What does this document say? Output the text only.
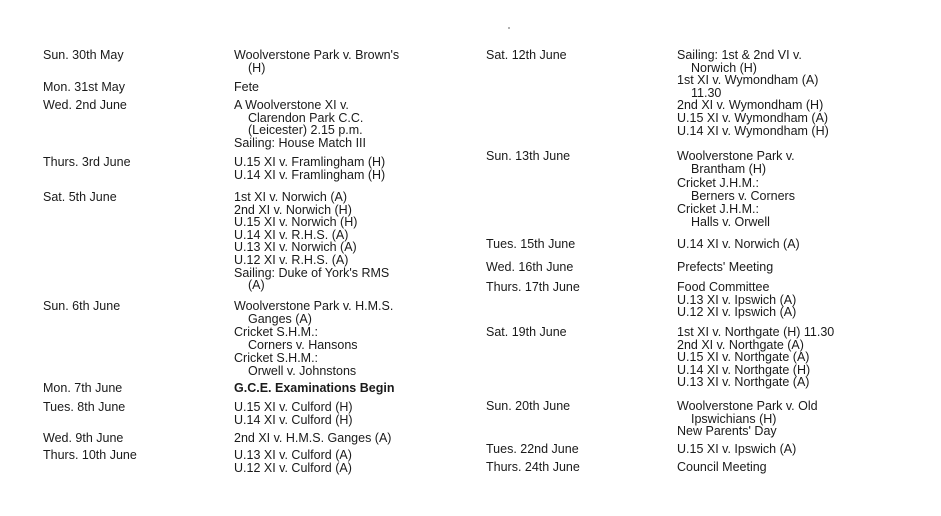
Sun. 30th May	Woolverstone Park v. Brown's
(H)
Mon. 31st May	Fete
Wed. 2nd June	A Woolverstone XI v.
Clarendon Park C.C.
(Leicester) 2.15 p.m.
Sailing: House Match III
Thurs. 3rd June	U.15 XI v. Framlingham (H)
U.14 XI v. Framlingham (H)
Sat. 5th June	1st XI v. Norwich (A)
2nd XI v. Norwich (H)
U.15 XI v. Norwich (H)
U.14 XI v. R.H.S. (A)
U.13 XI v. Norwich (A)
U.12 XI v. R.H.S. (A)
Sailing: Duke of York's RMS
(A)
Sun. 6th June	Woolverstone Park v. H.M.S.
Ganges (A)
Cricket S.H.M.:
Corners v. Hansons
Cricket S.H.M.:
Orwell v. Johnstons
Mon. 7th June	G.C.E. Examinations Begin
Tues. 8th June	U.15 XI v. Culford (H)
U.14 XI v. Culford (H)
Wed. 9th June	2nd XI v. H.M.S. Ganges (A)
Thurs. 10th June	U.13 XI v. Culford (A)
U.12 XI v. Culford (A)
Sat. 12th June	Sailing: 1st & 2nd VI v.
Norwich (H)
1st XI v. Wymondham (A)
11.30
2nd XI v. Wymondham (H)
U.15 XI v. Wymondham (A)
U.14 XI v. Wymondham (H)
Sun. 13th June	Woolverstone Park v.
Brantham (H)
Cricket J.H.M.:
Berners v. Corners
Cricket J.H.M.:
Halls v. Orwell
Tues. 15th June	U.14 XI v. Norwich (A)
Wed. 16th June	Prefects' Meeting
Thurs. 17th June	Food Committee
U.13 XI v. Ipswich (A)
U.12 XI v. Ipswich (A)
Sat. 19th June	1st XI v. Northgate (H) 11.30
2nd XI v. Northgate (A)
U.15 XI v. Northgate (A)
U.14 XI v. Northgate (H)
U.13 XI v. Northgate (A)
Sun. 20th June	Woolverstone Park v. Old
Ipswichians (H)
New Parents' Day
Tues. 22nd June	U.15 XI v. Ipswich (A)
Thurs. 24th June	Council Meeting
